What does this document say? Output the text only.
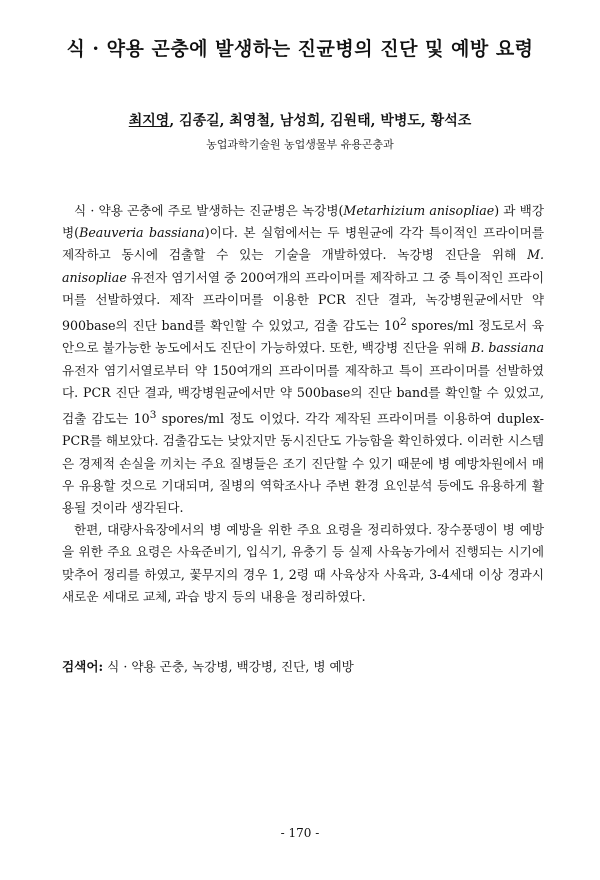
식 · 약용 곤충에 발생하는 진균병의 진단 및 예방 요령
최지영, 김종길, 최영철, 남성희, 김원태, 박병도, 황석조
농업과학기술원 농업생물부 유용곤충과

식 · 약용 곤충에 주로 발생하는 진균병은 녹강병(Metarhizium anisopliae) 과 백강병(Beauveria bassiana)이다. 본 실험에서는 두 병원균에 각각 특이적인 프라이머를 제작하고 동시에 검출할 수 있는 기술을 개발하였다. 녹강병 진단을 위해 M. anisopliae 유전자 염기서열 중 200여개의 프라이머를 제작하고 그 중 특이적인 프라이머를 선발하였다. 제작 프라이머를 이용한 PCR 진단 결과, 녹강병원균에서만 약 900base의 진단 band를 확인할 수 있었고, 검출 감도는 $10^2$ spores/ml 정도로서 육안으로 불가능한 농도에서도 진단이 가능하였다. 또한, 백강병 진단을 위해 B. bassiana 유전자 염기서열로부터 약 150여개의 프라이머를 제작하고 특이 프라이머를 선발하였다. PCR 진단 결과, 백강병원균에서만 약 500base의 진단 band를 확인할 수 있었고, 검출 감도는 $10^3$ spores/ml 정도 이었다. 각각 제작된 프라이머를 이용하여 duplex-PCR를 해보았다. 검출감도는 낮았지만 동시진단도 가능함을 확인하였다. 이러한 시스템은 경제적 손실을 끼치는 주요 질병들은 조기 진단할 수 있기 때문에 병 예방차원에서 매우 유용할 것으로 기대되며, 질병의 역학조사나 주변 환경 요인분석 등에도 유용하게 활용될 것이라 생각된다.

한편, 대량사육장에서의 병 예방을 위한 주요 요령을 정리하였다. 장수풍뎅이 병 예방을 위한 주요 요령은 사육준비기, 입식기, 유충기 등 실제 사육농가에서 진행되는 시기에 맞추어 정리를 하였고, 꽃무지의 경우 1, 2령 때 사육상자 사육과, 3-4세대 이상 경과시 새로운 세대로 교체, 과습 방지 등의 내용을 정리하였다.

검색어: 식 · 약용 곤충, 녹강병, 백강병, 진단, 병 예방
- 170 -
